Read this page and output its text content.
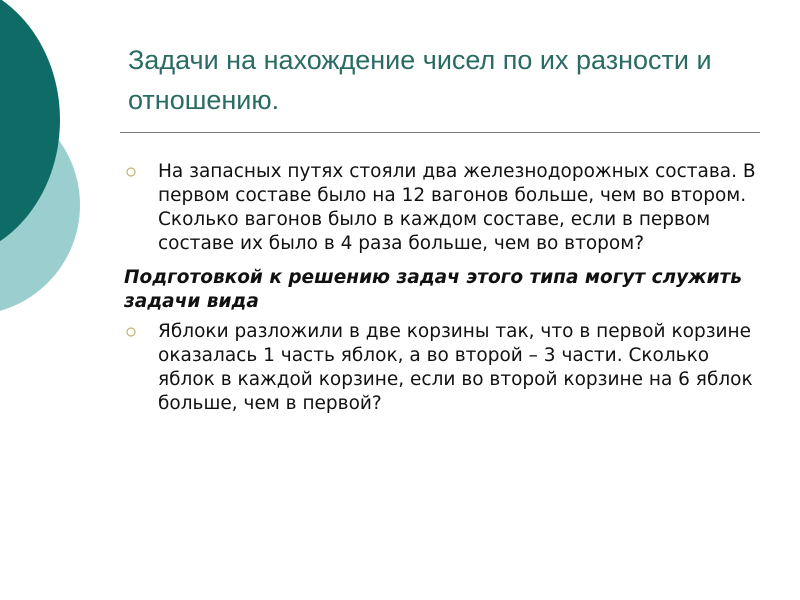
Задачи на нахождение чисел по их разности и отношению.
На запасных путях стояли два железнодорожных состава. В первом составе было на 12 вагонов больше, чем во втором. Сколько вагонов было в каждом составе, если в первом составе их было в 4 раза больше, чем во втором?
Подготовкой к решению задач этого типа могут служить задачи вида
Яблоки разложили в две корзины так, что в первой корзине оказалась 1 часть яблок, а во второй – 3 части. Сколько яблок в каждой корзине, если во второй корзине на 6 яблок больше, чем в первой?
